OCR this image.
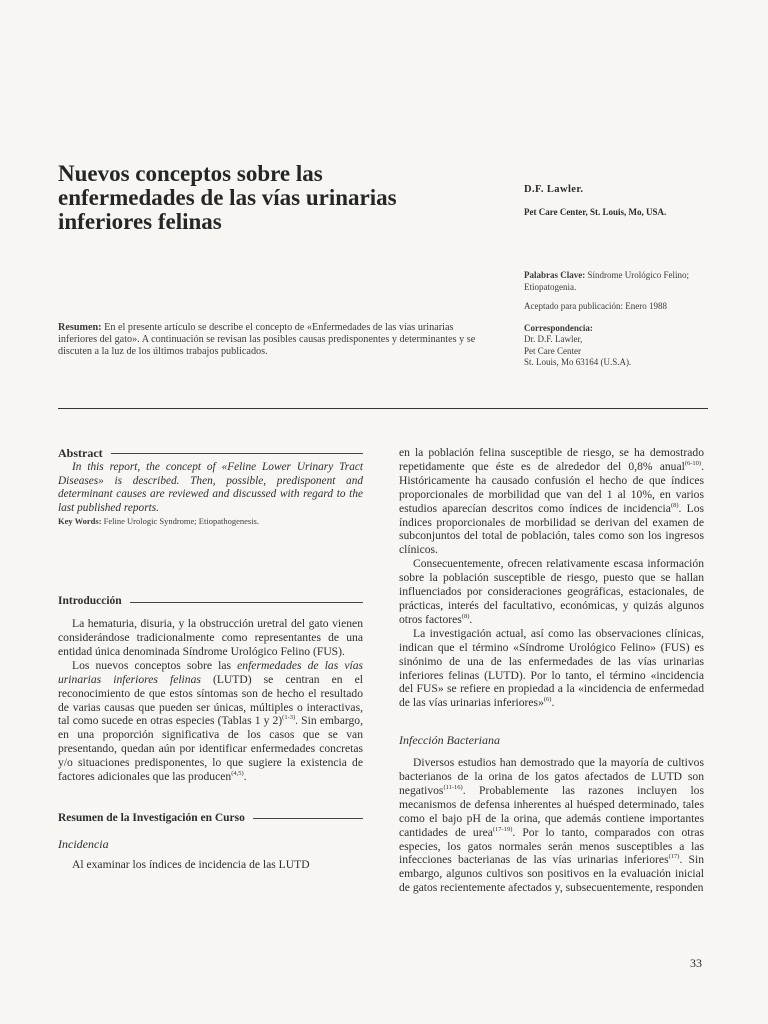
Nuevos conceptos sobre las
enfermedades de las vías urinarias
inferiores felinas
D.F. Lawler.
Pet Care Center, St. Louis, Mo, USA.

Palabras Clave: Síndrome Urológico Felino; Etiopatogenia.

Aceptado para publicación: Enero 1988

Correspondencia:
Dr. D.F. Lawler,
Pet Care Center
St. Louis, Mo 63164 (U.S.A).
Resumen: En el presente artículo se describe el concepto de «Enfermedades de las vías urinarias inferiores del gato». A continuación se revisan las posibles causas predisponentes y determinantes y se discuten a la luz de los últimos trabajos publicados.
Abstract

In this report, the concept of «Feline Lower Urinary Tract Diseases» is described. Then, possible, predisponent and determinant causes are reviewed and discussed with regard to the last published reports.

Key Words: Feline Urologic Syndrome; Etiopathogenesis.

Introducción

La hematuria, disuria, y la obstrucción uretral del gato vienen considerándose tradicionalmente como representantes de una entidad única denominada Síndrome Urológico Felino (FUS).

Los nuevos conceptos sobre las enfermedades de las vías urinarias inferiores felinas (LUTD) se centran en el reconocimiento de que estos síntomas son de hecho el resultado de varias causas que pueden ser únicas, múltiples o interactivas, tal como sucede en otras especies (Tablas 1 y 2)$^{(1-3)}$. Sin embargo, en una proporción significativa de los casos que se van presentando, quedan aún por identificar enfermedades concretas y/o situaciones predisponentes, lo que sugiere la existencia de factores adicionales que las producen$^{(4,5)}$.

Resumen de la Investigación en Curso

Incidencia

Al examinar los índices de incidencia de las LUTD

en la población felina susceptible de riesgo, se ha demostrado repetidamente que éste es de alrededor del 0,8% anual$^{(6-10)}$. Históricamente ha causado confusión el hecho de que índices proporcionales de morbilidad que van del 1 al 10%, en varios estudios aparecían descritos como índices de incidencia$^{(8)}$. Los índices proporcionales de morbilidad se derivan del examen de subconjuntos del total de población, tales como son los ingresos clínicos.

Consecuentemente, ofrecen relativamente escasa información sobre la población susceptible de riesgo, puesto que se hallan influenciados por consideraciones geográficas, estacionales, de prácticas, interés del facultativo, económicas, y quizás algunos otros factores$^{(8)}$.

La investigación actual, así como las observaciones clínicas, indican que el término «Síndrome Urológico Felino» (FUS) es sinónimo de una de las enfermedades de las vías urinarias inferiores felinas (LUTD). Por lo tanto, el término «incidencia del FUS» se refiere en propiedad a la «incidencia de enfermedad de las vías urinarias inferiores»$^{(6)}$.

Infección Bacteriana

Diversos estudios han demostrado que la mayoría de cultivos bacterianos de la orina de los gatos afectados de LUTD son negativos$^{(11-16)}$. Probablemente las razones incluyen los mecanismos de defensa inherentes al huésped determinado, tales como el bajo pH de la orina, que además contiene importantes cantidades de urea$^{(17-19)}$. Por lo tanto, comparados con otras especies, los gatos normales serán menos susceptibles a las infecciones bacterianas de las vías urinarias inferiores$^{(17)}$. Sin embargo, algunos cultivos son positivos en la evaluación inicial de gatos recientemente afectados y, subsecuentemente, responden

33
